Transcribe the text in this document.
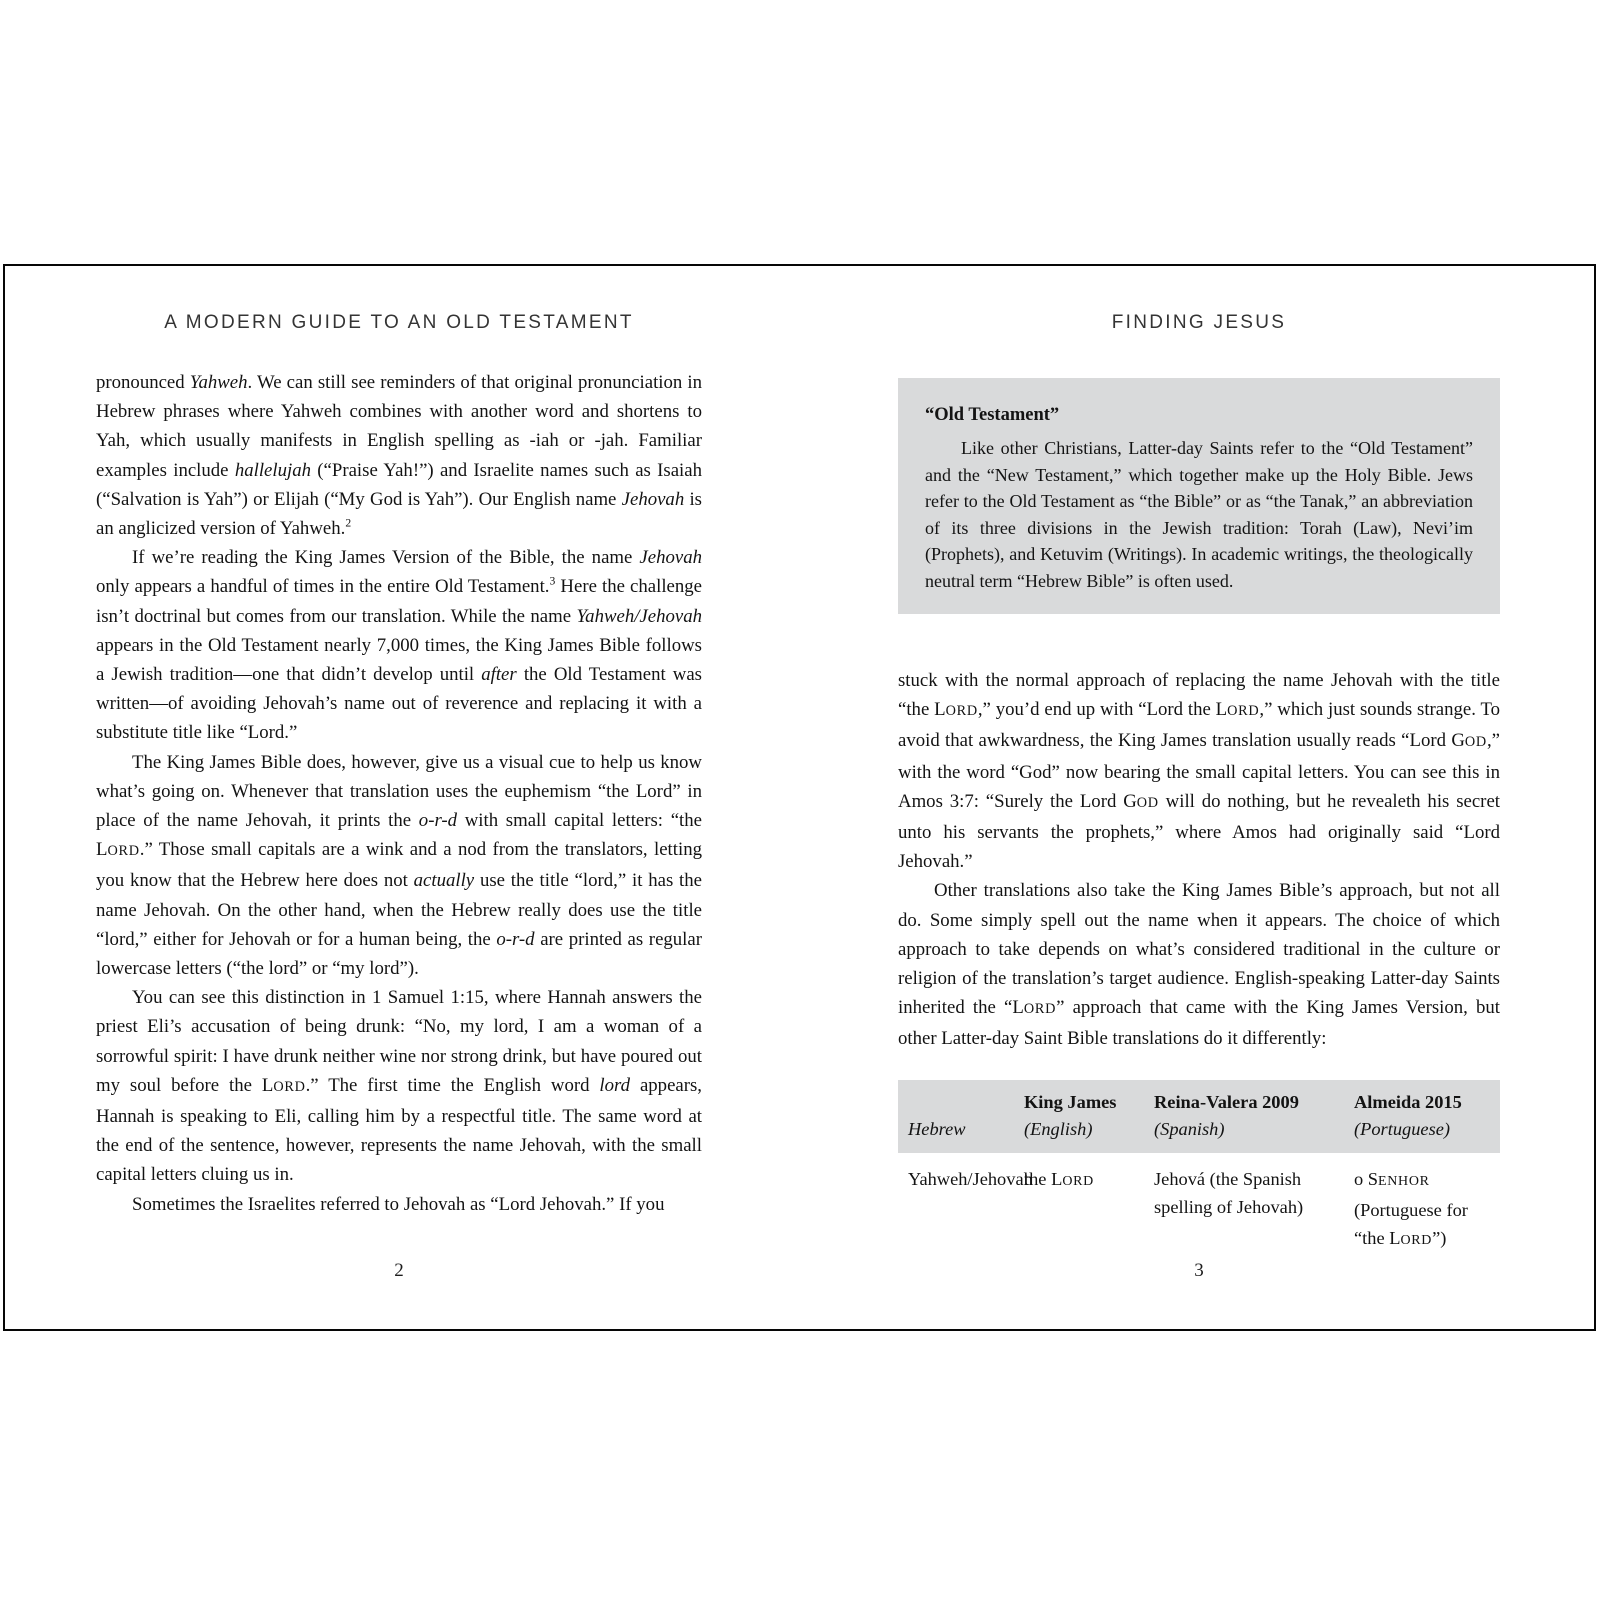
A MODERN GUIDE TO AN OLD TESTAMENT

pronounced Yahweh. We can still see reminders of that original pronunciation in Hebrew phrases where Yahweh combines with another word and shortens to Yah, which usually manifests in English spelling as -iah or -jah. Familiar examples include hallelujah (“Praise Yah!”) and Israelite names such as Isaiah (“Salvation is Yah”) or Elijah (“My God is Yah”). Our English name Jehovah is an anglicized version of Yahweh.$^2$

If we’re reading the King James Version of the Bible, the name Jehovah only appears a handful of times in the entire Old Testament.$^3$ Here the challenge isn’t doctrinal but comes from our translation. While the name Yahweh/Jehovah appears in the Old Testament nearly 7,000 times, the King James Bible follows a Jewish tradition—one that didn’t develop until after the Old Testament was written—of avoiding Jehovah’s name out of reverence and replacing it with a substitute title like “Lord.”

The King James Bible does, however, give us a visual cue to help us know what’s going on. Whenever that translation uses the euphemism “the Lord” in place of the name Jehovah, it prints the o-r-d with small capital letters: “the LORD.” Those small capitals are a wink and a nod from the translators, letting you know that the Hebrew here does not actually use the title “lord,” it has the name Jehovah. On the other hand, when the Hebrew really does use the title “lord,” either for Jehovah or for a human being, the o-r-d are printed as regular lowercase letters (“the lord” or “my lord”).

You can see this distinction in 1 Samuel 1:15, where Hannah answers the priest Eli’s accusation of being drunk: “No, my lord, I am a woman of a sorrowful spirit: I have drunk neither wine nor strong drink, but have poured out my soul before the LORD.” The first time the English word lord appears, Hannah is speaking to Eli, calling him by a respectful title. The same word at the end of the sentence, however, represents the name Jehovah, with the small capital letters cluing us in.

Sometimes the Israelites referred to Jehovah as “Lord Jehovah.” If you

2
FINDING JESUS
“Old Testament”

Like other Christians, Latter-day Saints refer to the “Old Testament” and the “New Testament,” which together make up the Holy Bible. Jews refer to the Old Testament as “the Bible” or as “the Tanak,” an abbreviation of its three divisions in the Jewish tradition: Torah (Law), Nevi’im (Prophets), and Ketuvim (Writings). In academic writings, the theologically neutral term “Hebrew Bible” is often used.

stuck with the normal approach of replacing the name Jehovah with the title “the LORD,” you’d end up with “Lord the LORD,” which just sounds strange. To avoid that awkwardness, the King James translation usually reads “Lord GOD,” with the word “God” now bearing the small capital letters. You can see this in Amos 3:7: “Surely the Lord GOD will do nothing, but he revealeth his secret unto his servants the prophets,” where Amos had originally said “Lord Jehovah.”

Other translations also take the King James Bible’s approach, but not all do. Some simply spell out the name when it appears. The choice of which approach to take depends on what’s considered traditional in the culture or religion of the translation’s target audience. English-speaking Latter-day Saints inherited the “LORD” approach that came with the King James Version, but other Latter-day Saint Bible translations do it differently:

Hebrew
King James
(English)
Reina-Valera 2009
(Spanish)
Almeida 2015
(Portuguese)
Yahweh/Jehovah
the LORD	Jehová (the Spanish spelling of Jehovah)
o SENHOR (Portuguese for “the LORD”)
3
